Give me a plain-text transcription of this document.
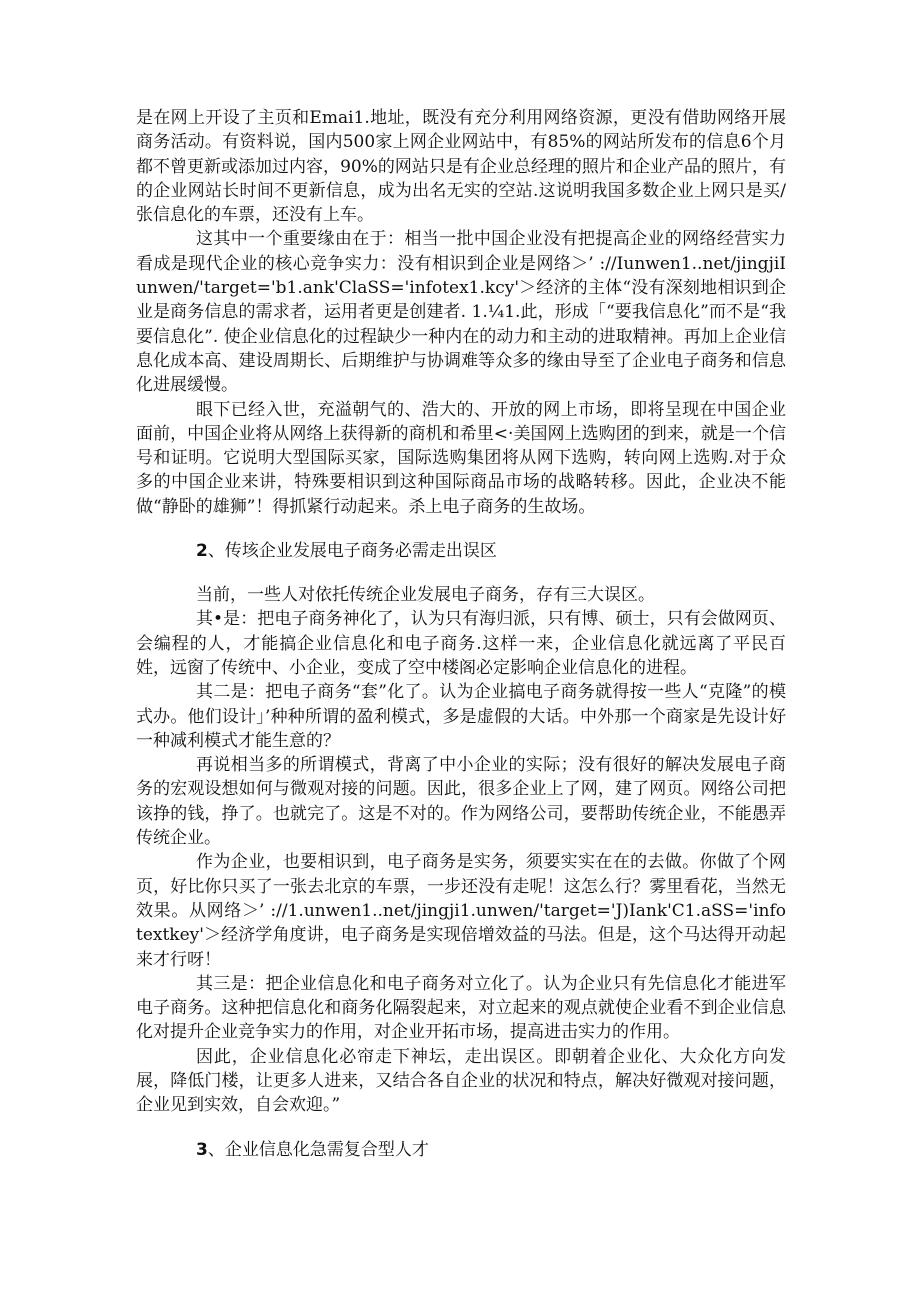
是在网上开设了主页和Emai1.地址，既没有充分利用网络资源，更没有借助网络开展商务活动。有资料说，国内500家上网企业网站中，有85%的网站所发布的信息6个月都不曾更新或添加过内容，90%的网站只是有企业总经理的照片和企业产品的照片，有的企业网站长时间不更新信息，成为出名无实的空站.这说明我国多数企业上网只是买/张信息化的车票，还没有上车。

这其中一个重要缘由在于：相当一批中国企业没有把提高企业的网络经营实力看成是现代企业的核心竞争实力：没有相识到企业是网络＞’ ://Iunwen1..net/jingjiIunwen/'target='b1.ank'ClaSS='infotex1.kcy'＞经济的主体“没有深刻地相识到企业是商务信息的需求者，运用者更是创建者. 1.¼1.此，形成「“要我信息化”而不是“我要信息化”. 使企业信息化的过程缺少一种内在的动力和主动的进取精神。再加上企业信息化成本高、建设周期长、后期维护与协调难等众多的缘由导至了企业电子商务和信息化进展缓慢。

眼下已经入世，充溢朝气的、浩大的、开放的网上市场，即将呈现在中国企业面前，中国企业将从网络上获得新的商机和希里<·美国网上选购团的到来，就是一个信号和证明。它说明大型国际买家，国际选购集团将从网下选购，转向网上选购.对于众多的中国企业来讲，特殊要相识到这种国际商品市场的战略转移。因此，企业决不能做“静卧的雄狮”！得抓紧行动起来。杀上电子商务的生故场。

2、传垓企业发展电子商务必需走出误区

当前，一些人对依托传统企业发展电子商务，存有三大误区。

其•是：把电子商务神化了，认为只有海归派，只有博、硕士，只有会做网页、会编程的人，才能搞企业信息化和电子商务.这样一来，企业信息化就远离了平民百姓，远窗了传统中、小企业，变成了空中楼阁必定影响企业信息化的进程。

其二是：把电子商务“套”化了。认为企业搞电子商务就得按一些人“克隆”的模式办。他们设计」’种种所谓的盈利模式，多是虚假的大话。中外那一个商家是先设计好一种减利模式才能生意的？

再说相当多的所谓模式，背离了中小企业的实际；没有很好的解决发展电子商务的宏观设想如何与微观对接的问题。因此，很多企业上了网，建了网页。网络公司把该挣的钱，挣了。也就完了。这是不对的。作为网络公司，要帮助传统企业，不能愚弄传统企业。

作为企业，也要相识到，电子商务是实务，须要实实在在的去做。你做了个网页，好比你只买了一张去北京的车票，一步还没有走呢！这怎么行？雾里看花，当然无效果。从网络＞’ ://1.unwen1..net/jingji1.unwen/'target='J)Iank'C1.aSS='infotextkey'＞经济学角度讲，电子商务是实现倍增效益的马法。但是，这个马达得开动起来才行呀！

其三是：把企业信息化和电子商务对立化了。认为企业只有先信息化才能进军电子商务。这种把信息化和商务化隔裂起来，对立起来的观点就使企业看不到企业信息化对提升企业竞争实力的作用，对企业开拓市场，提高进击实力的作用。

因此，企业信息化必帘走下神坛，走出误区。即朝着企业化、大众化方向发展，降低门楼，让更多人进来，又结合各自企业的状况和特点，解决好微观对接问题，企业见到实效，自会欢迎。”

3、企业信息化急需复合型人才
